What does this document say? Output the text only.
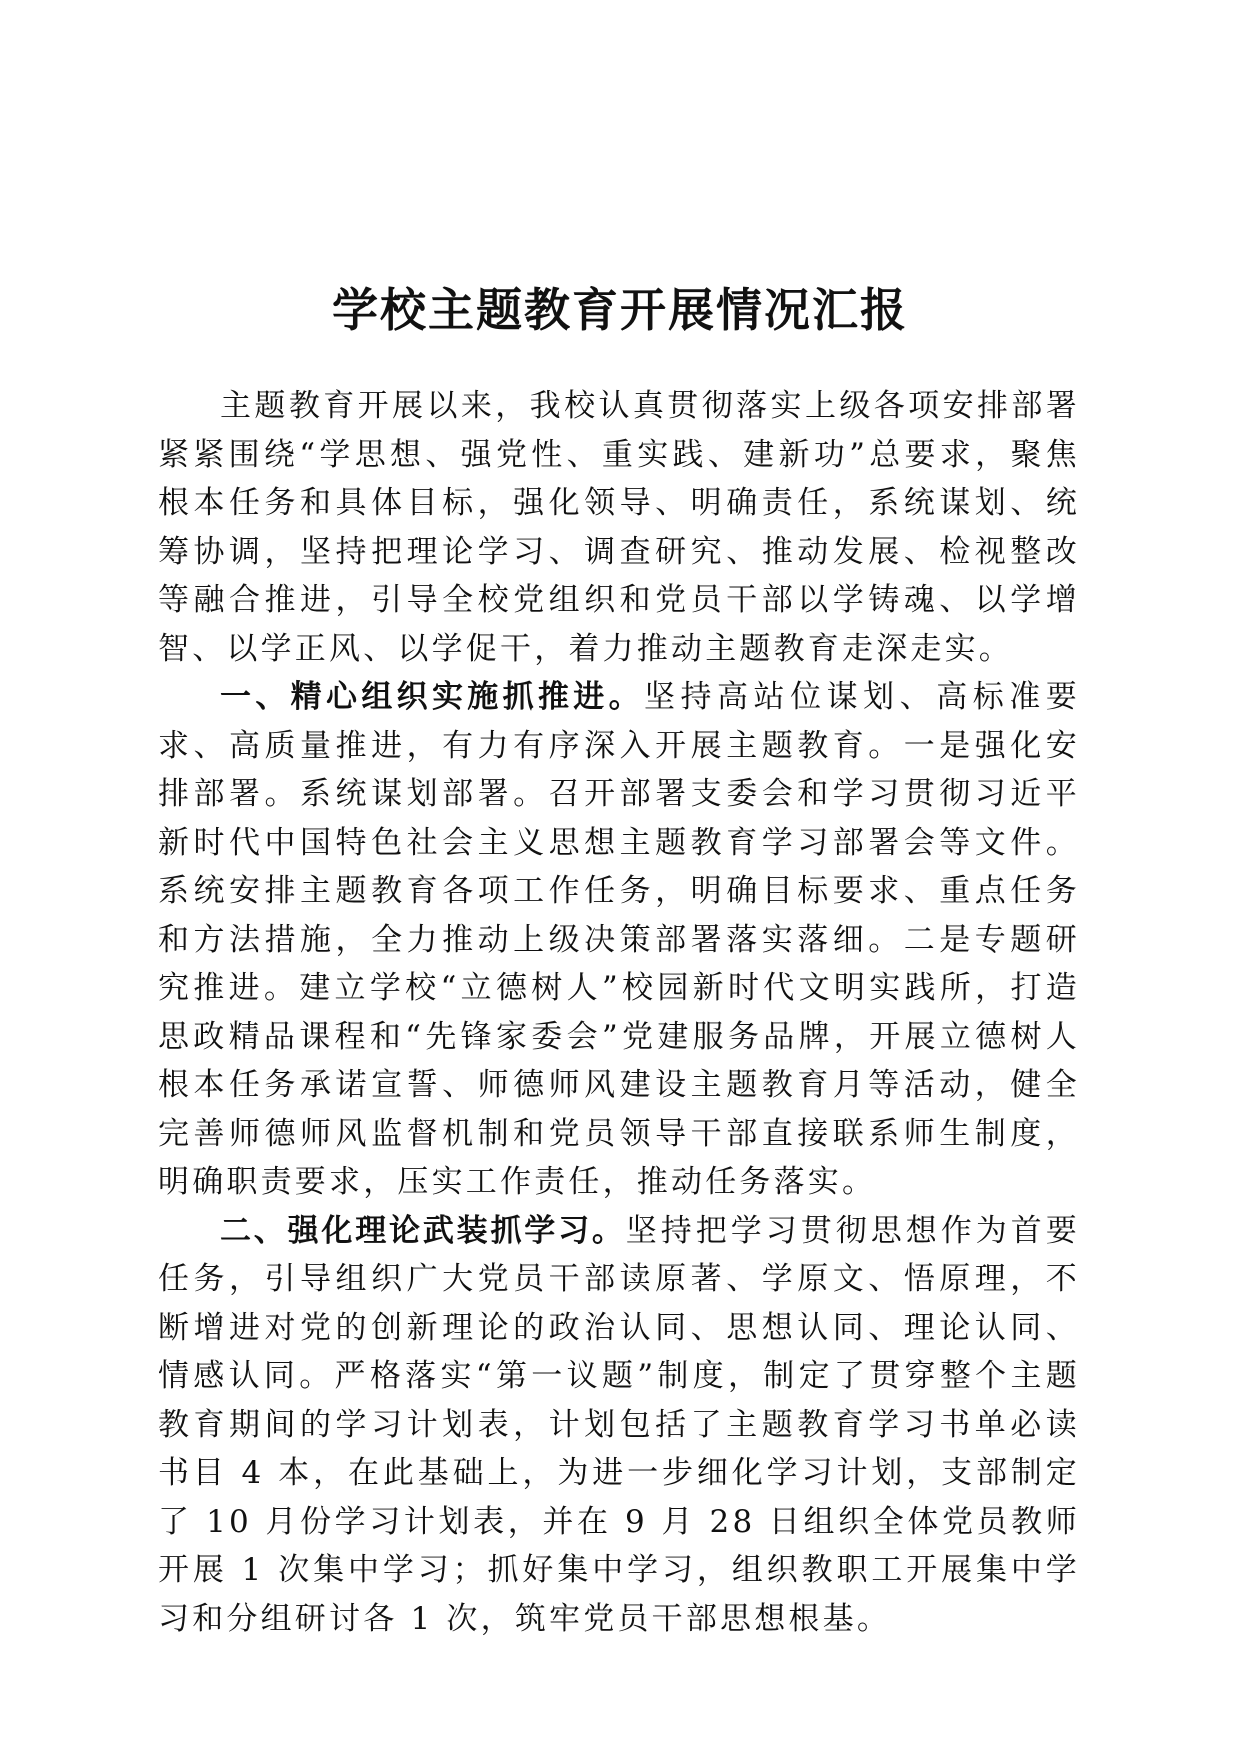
学校主题教育开展情况汇报

主题教育开展以来，我校认真贯彻落实上级各项安排部署紧紧围绕“学思想、强党性、重实践、建新功”总要求，聚焦根本任务和具体目标，强化领导、明确责任，系统谋划、统筹协调，坚持把理论学习、调查研究、推动发展、检视整改等融合推进，引导全校党组织和党员干部以学铸魂、以学增智、以学正风、以学促干，着力推动主题教育走深走实。

一、精心组织实施抓推进。坚持高站位谋划、高标准要求、高质量推进，有力有序深入开展主题教育。一是强化安排部署。系统谋划部署。召开部署支委会和学习贯彻习近平新时代中国特色社会主义思想主题教育学习部署会等文件。系统安排主题教育各项工作任务，明确目标要求、重点任务和方法措施，全力推动上级决策部署落实落细。二是专题研究推进。建立学校“立德树人”校园新时代文明实践所，打造思政精品课程和“先锋家委会”党建服务品牌，开展立德树人根本任务承诺宣誓、师德师风建设主题教育月等活动，健全完善师德师风监督机制和党员领导干部直接联系师生制度，明确职责要求，压实工作责任，推动任务落实。

二、强化理论武装抓学习。坚持把学习贯彻思想作为首要任务，引导组织广大党员干部读原著、学原文、悟原理，不断增进对党的创新理论的政治认同、思想认同、理论认同、情感认同。严格落实“第一议题”制度，制定了贯穿整个主题教育期间的学习计划表，计划包括了主题教育学习书单必读书目 4 本，在此基础上，为进一步细化学习计划，支部制定了 10 月份学习计划表，并在 9 月 28 日组织全体党员教师开展 1 次集中学习；抓好集中学习，组织教职工开展集中学习和分组研讨各 1 次，筑牢党员干部思想根基。
